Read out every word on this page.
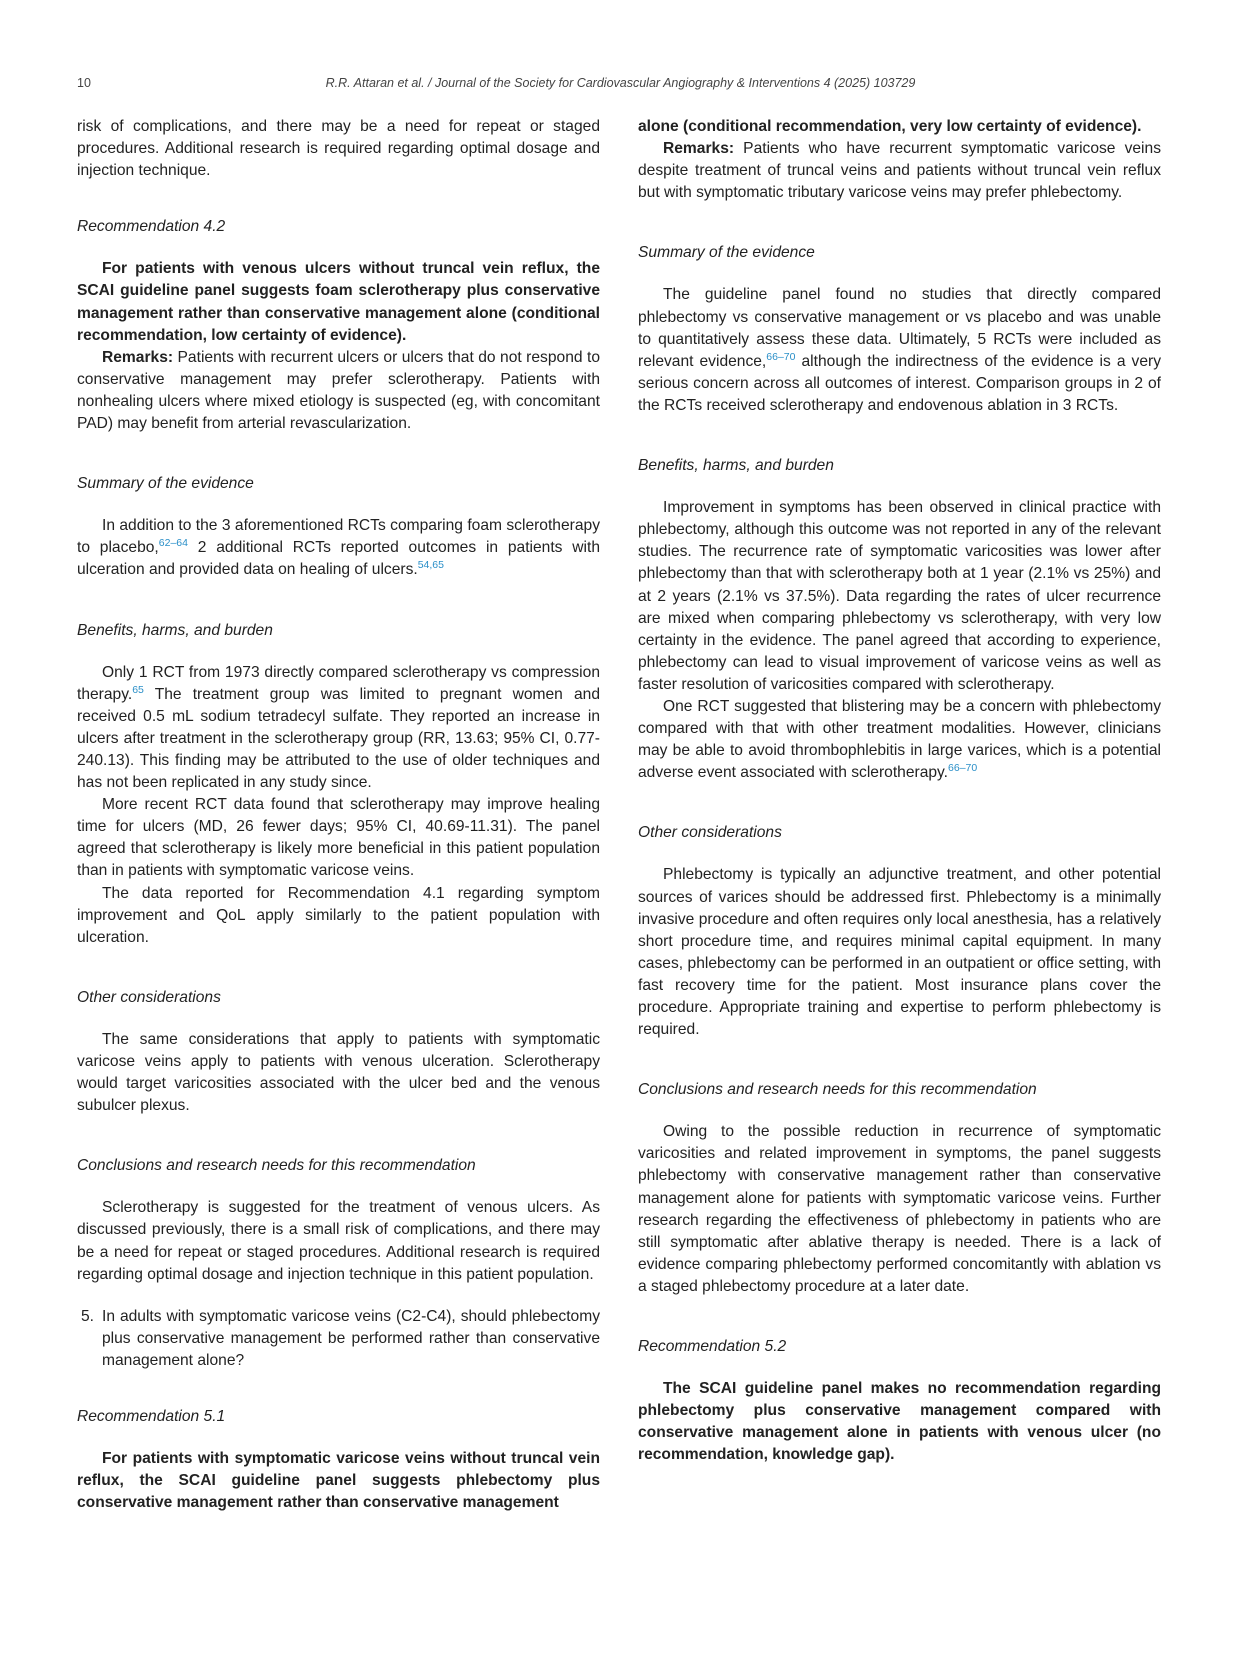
10	R.R. Attaran et al. / Journal of the Society for Cardiovascular Angiography & Interventions 4 (2025) 103729

risk of complications, and there may be a need for repeat or staged procedures. Additional research is required regarding optimal dosage and injection technique.

Recommendation 4.2

For patients with venous ulcers without truncal vein reflux, the SCAI guideline panel suggests foam sclerotherapy plus conservative management rather than conservative management alone (conditional recommendation, low certainty of evidence).

Remarks: Patients with recurrent ulcers or ulcers that do not respond to conservative management may prefer sclerotherapy. Patients with nonhealing ulcers where mixed etiology is suspected (eg, with concomitant PAD) may benefit from arterial revascularization.

Summary of the evidence

In addition to the 3 aforementioned RCTs comparing foam sclerotherapy to placebo,$^{62-64}$ 2 additional RCTs reported outcomes in patients with ulceration and provided data on healing of ulcers.$^{54,65}$

Benefits, harms, and burden

Only 1 RCT from 1973 directly compared sclerotherapy vs compression therapy.$^{65}$ The treatment group was limited to pregnant women and received 0.5 mL sodium tetradecyl sulfate. They reported an increase in ulcers after treatment in the sclerotherapy group (RR, 13.63; 95% CI, 0.77-240.13). This finding may be attributed to the use of older techniques and has not been replicated in any study since.

More recent RCT data found that sclerotherapy may improve healing time for ulcers (MD, 26 fewer days; 95% CI, 40.69-11.31). The panel agreed that sclerotherapy is likely more beneficial in this patient population than in patients with symptomatic varicose veins.

The data reported for Recommendation 4.1 regarding symptom improvement and QoL apply similarly to the patient population with ulceration.

Other considerations

The same considerations that apply to patients with symptomatic varicose veins apply to patients with venous ulceration. Sclerotherapy would target varicosities associated with the ulcer bed and the venous subulcer plexus.

Conclusions and research needs for this recommendation

Sclerotherapy is suggested for the treatment of venous ulcers. As discussed previously, there is a small risk of complications, and there may be a need for repeat or staged procedures. Additional research is required regarding optimal dosage and injection technique in this patient population.

5. In adults with symptomatic varicose veins (C2-C4), should phlebectomy plus conservative management be performed rather than conservative management alone?
Recommendation 5.1

For patients with symptomatic varicose veins without truncal vein reflux, the SCAI guideline panel suggests phlebectomy plus conservative management rather than conservative management

alone (conditional recommendation, very low certainty of evidence).

Remarks: Patients who have recurrent symptomatic varicose veins despite treatment of truncal veins and patients without truncal vein reflux but with symptomatic tributary varicose veins may prefer phlebectomy.

Summary of the evidence

The guideline panel found no studies that directly compared phlebectomy vs conservative management or vs placebo and was unable to quantitatively assess these data. Ultimately, 5 RCTs were included as relevant evidence,$^{66-70}$ although the indirectness of the evidence is a very serious concern across all outcomes of interest. Comparison groups in 2 of the RCTs received sclerotherapy and endovenous ablation in 3 RCTs.

Benefits, harms, and burden

Improvement in symptoms has been observed in clinical practice with phlebectomy, although this outcome was not reported in any of the relevant studies. The recurrence rate of symptomatic varicosities was lower after phlebectomy than that with sclerotherapy both at 1 year (2.1% vs 25%) and at 2 years (2.1% vs 37.5%). Data regarding the rates of ulcer recurrence are mixed when comparing phlebectomy vs sclerotherapy, with very low certainty in the evidence. The panel agreed that according to experience, phlebectomy can lead to visual improvement of varicose veins as well as faster resolution of varicosities compared with sclerotherapy.

One RCT suggested that blistering may be a concern with phlebectomy compared with that with other treatment modalities. However, clinicians may be able to avoid thrombophlebitis in large varices, which is a potential adverse event associated with sclerotherapy.$^{66-70}$

Other considerations

Phlebectomy is typically an adjunctive treatment, and other potential sources of varices should be addressed first. Phlebectomy is a minimally invasive procedure and often requires only local anesthesia, has a relatively short procedure time, and requires minimal capital equipment. In many cases, phlebectomy can be performed in an outpatient or office setting, with fast recovery time for the patient. Most insurance plans cover the procedure. Appropriate training and expertise to perform phlebectomy is required.

Conclusions and research needs for this recommendation

Owing to the possible reduction in recurrence of symptomatic varicosities and related improvement in symptoms, the panel suggests phlebectomy with conservative management rather than conservative management alone for patients with symptomatic varicose veins. Further research regarding the effectiveness of phlebectomy in patients who are still symptomatic after ablative therapy is needed. There is a lack of evidence comparing phlebectomy performed concomitantly with ablation vs a staged phlebectomy procedure at a later date.

Recommendation 5.2

The SCAI guideline panel makes no recommendation regarding phlebectomy plus conservative management compared with conservative management alone in patients with venous ulcer (no recommendation, knowledge gap).
